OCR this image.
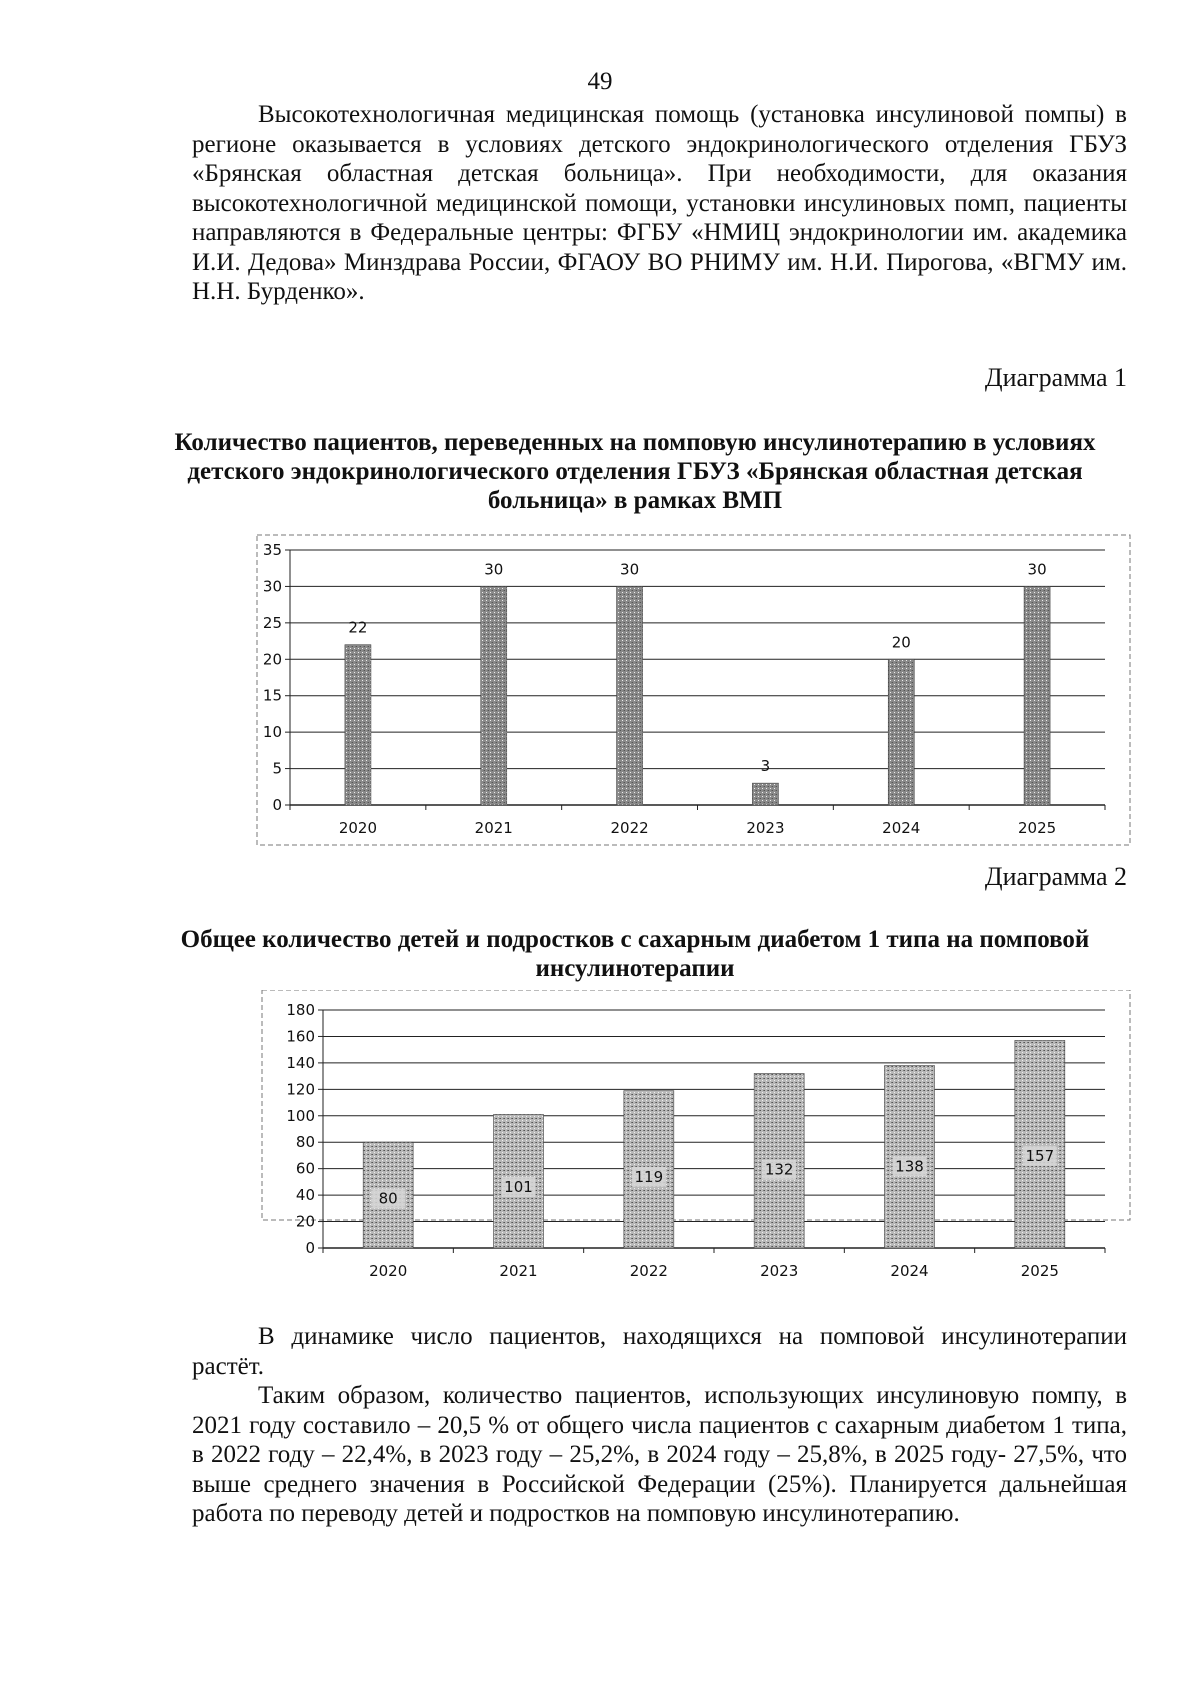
49

Высокотехнологичная медицинская помощь (установка инсулиновой помпы) в регионе оказывается в условиях детского эндокринологического отделения ГБУЗ «Брянская областная детская больница». При необходимости, для оказания высокотехнологичной медицинской помощи, установки инсулиновых помп, пациенты направляются в Федеральные центры: ФГБУ «НМИЦ эндокринологии им. академика И.И. Дедова» Минздрава России, ФГАОУ ВО РНИМУ им. Н.И. Пирогова, «ВГМУ им. Н.Н. Бурденко».

Диаграмма 1

Количество пациентов, переведенных на помповую инсулинотерапию в условиях детского эндокринологического отделения ГБУЗ «Брянская областная детская больница» в рамках ВМП

0
5
10
15
20
25
30
35
22
2020
30
2021
30
2022
3
2023
20
2024
30
2025
Диаграмма 2

Общее количество детей и подростков с сахарным диабетом 1 типа на помповой инсулинотерапии

0
20
40
60
80
100
120
140
160
180
80
2020
101
2021
119
2022
132
2023
138
2024
157
2025

В динамике число пациентов, находящихся на помповой инсулинотерапии растёт.

Таким образом, количество пациентов, использующих инсулиновую помпу, в 2021 году составило – 20,5 % от общего числа пациентов с сахарным диабетом 1 типа, в 2022 году – 22,4%, в 2023 году – 25,2%, в 2024 году – 25,8%, в 2025 году- 27,5%, что выше среднего значения в Российской Федерации (25%). Планируется дальнейшая работа по переводу детей и подростков на помповую инсулинотерапию.
